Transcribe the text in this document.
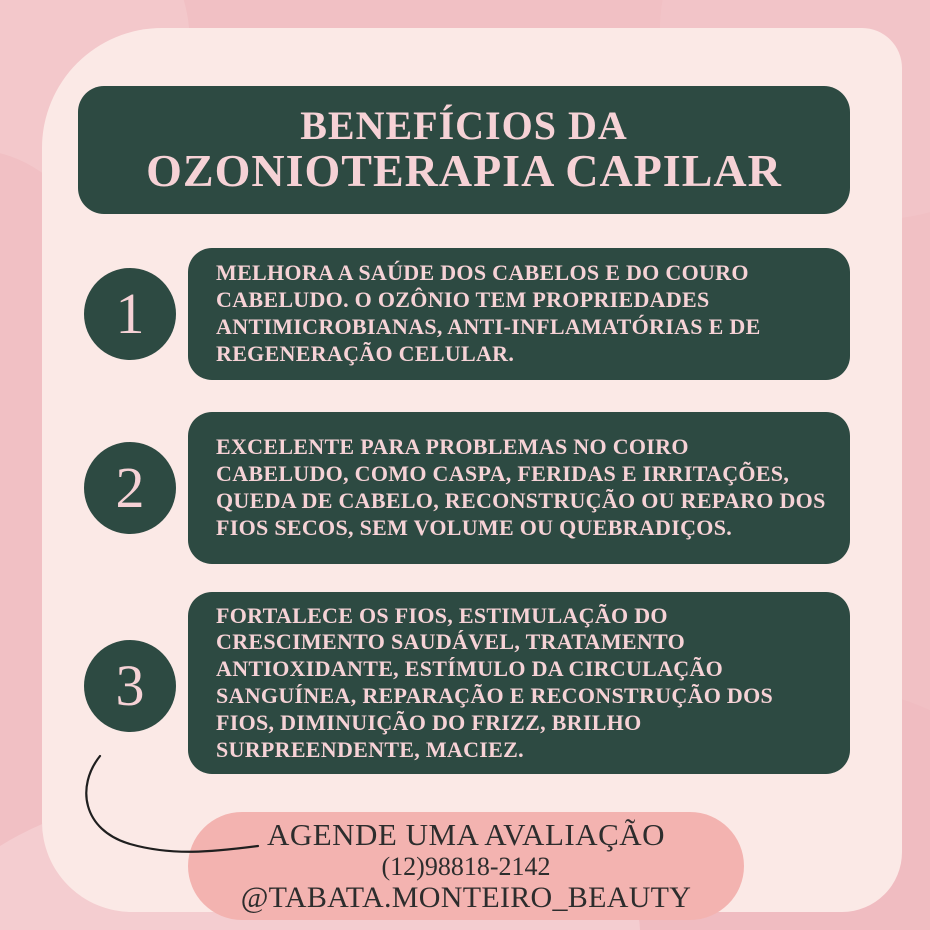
BENEFÍCIOS DA
OZONIOTERAPIA CAPILAR
1

MELHORA A SAÚDE DOS CABELOS E DO COURO CABELUDO. O OZÔNIO TEM PROPRIEDADES ANTIMICROBIANAS, ANTI-INFLAMATÓRIAS E DE REGENERAÇÃO CELULAR.

2

EXCELENTE PARA PROBLEMAS NO COIRO CABELUDO, COMO CASPA, FERIDAS E IRRITAÇÕES, QUEDA DE CABELO, RECONSTRUÇÃO OU REPARO DOS FIOS SECOS, SEM VOLUME OU QUEBRADIÇOS.

3

FORTALECE OS FIOS, ESTIMULAÇÃO DO CRESCIMENTO SAUDÁVEL, TRATAMENTO ANTIOXIDANTE, ESTÍMULO DA CIRCULAÇÃO SANGUÍNEA, REPARAÇÃO E RECONSTRUÇÃO DOS FIOS, DIMINUIÇÃO DO FRIZZ, BRILHO SURPREENDENTE, MACIEZ.

AGENDE UMA AVALIAÇÃO
(12)98818-2142
@TABATA.MONTEIRO_BEAUTY
